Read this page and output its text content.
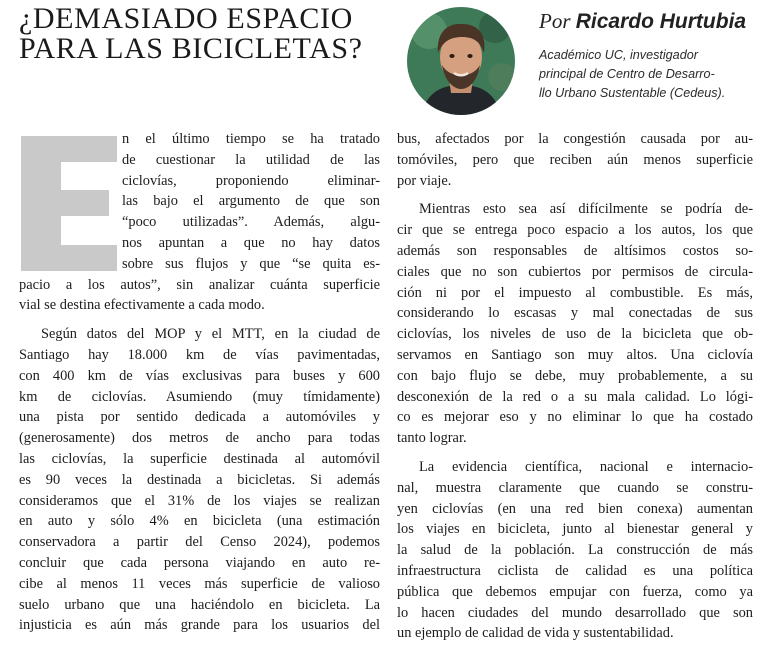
¿DEMASIADO ESPACIO
PARA LAS BICICLETAS?
Por Ricardo Hurtubia
Académico UC, investigador
principal de Centro de Desarro-
llo Urbano Sustentable (Cedeus).
n el último tiempo se ha tratado
de cuestionar la utilidad de las
ciclovías, proponiendo eliminar-
las bajo el argumento de que son
“poco utilizadas”. Además, algu-
nos apuntan a que no hay datos
sobre sus flujos y que “se quita es-
pacio a los autos”, sin analizar cuánta superficie
vial se destina efectivamente a cada modo.
Según datos del MOP y el MTT, en la ciudad de
Santiago hay 18.000 km de vías pavimentadas,
con 400 km de vías exclusivas para buses y 600
km de ciclovías. Asumiendo (muy tímidamente)
una pista por sentido dedicada a automóviles y
(generosamente) dos metros de ancho para todas
las ciclovías, la superficie destinada al automóvil
es 90 veces la destinada a bicicletas. Si además
consideramos que el 31% de los viajes se realizan
en auto y sólo 4% en bicicleta (una estimación
conservadora a partir del Censo 2024), podemos
concluir que cada persona viajando en auto re-
cibe al menos 11 veces más superficie de valioso
suelo urbano que una haciéndolo en bicicleta. La
injusticia es aún más grande para los usuarios del
bus, afectados por la congestión causada por au-
tomóviles, pero que reciben aún menos superficie
por viaje.
Mientras esto sea así difícilmente se podría de-
cir que se entrega poco espacio a los autos, los que
además son responsables de altísimos costos so-
ciales que no son cubiertos por permisos de circula-
ción ni por el impuesto al combustible. Es más,
considerando lo escasas y mal conectadas de sus
ciclovías, los niveles de uso de la bicicleta que ob-
servamos en Santiago son muy altos. Una ciclovía
con bajo flujo se debe, muy probablemente, a su
desconexión de la red o a su mala calidad. Lo lógi-
co es mejorar eso y no eliminar lo que ha costado
tanto lograr.
La evidencia científica, nacional e internacio-
nal, muestra claramente que cuando se constru-
yen ciclovías (en una red bien conexa) aumentan
los viajes en bicicleta, junto al bienestar general y
la salud de la población. La construcción de más
infraestructura ciclista de calidad es una política
pública que debemos empujar con fuerza, como ya
lo hacen ciudades del mundo desarrollado que son
un ejemplo de calidad de vida y sustentabilidad.
